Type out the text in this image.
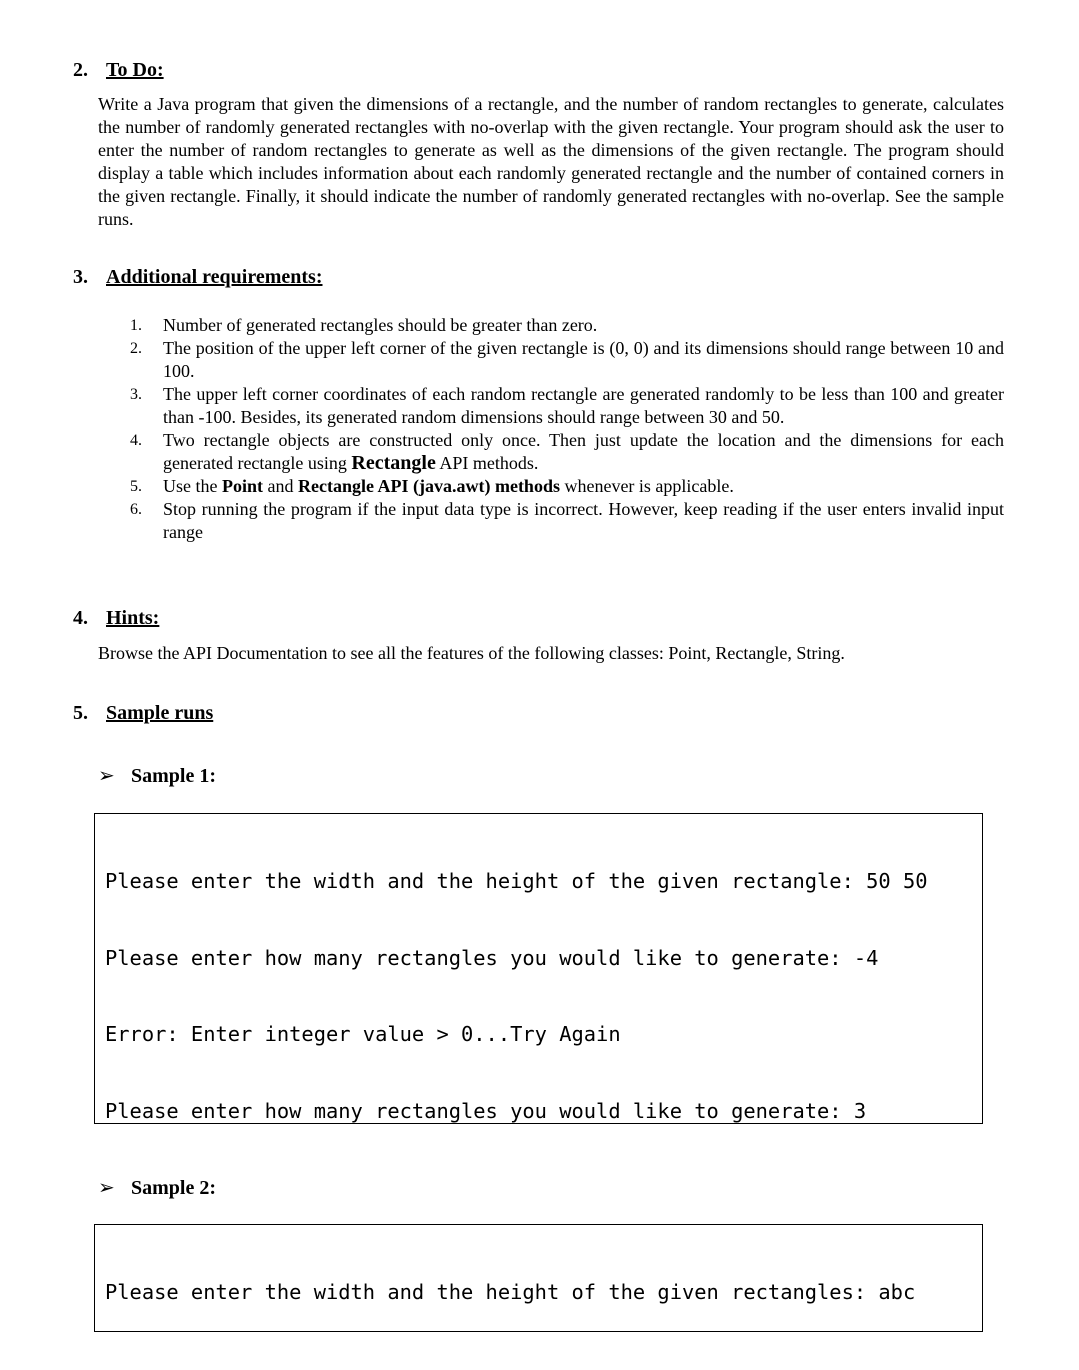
2. To Do:

Write a Java program that given the dimensions of a rectangle, and the number of random rectangles to generate, calculates the number of randomly generated rectangles with no-overlap with the given rectangle. Your program should ask the user to enter the number of random rectangles to generate as well as the dimensions of the given rectangle. The program should display a table which includes information about each randomly generated rectangle and the number of contained corners in the given rectangle. Finally, it should indicate the number of randomly generated rectangles with no-overlap. See the sample runs.

3. Additional requirements:
1. Number of generated rectangles should be greater than zero.
2. The position of the upper left corner of the given rectangle is (0, 0) and its dimensions should range between 10 and 100.
3. The upper left corner coordinates of each random rectangle are generated randomly to be less than 100 and greater than -100. Besides, its generated random dimensions should range between 30 and 50.
4. Two rectangle objects are constructed only once. Then just update the location and the dimensions for each generated rectangle using Rectangle API methods.
5. Use the Point and Rectangle API (java.awt) methods whenever is applicable.
6. Stop running the program if the input data type is incorrect. However, keep reading if the user enters invalid input range
4. Hints:

Browse the API Documentation to see all the features of the following classes: Point, Rectangle, String.

5. Sample runs
➢ Sample 1:

Please enter the width and the height of the given rectangle: 50 50

Please enter how many rectangles you would like to generate: -4

Error: Enter integer value > 0...Try Again

Please enter how many rectangles you would like to generate: 3

➢ Sample 2:

Please enter the width and the height of the given rectangles: abc
